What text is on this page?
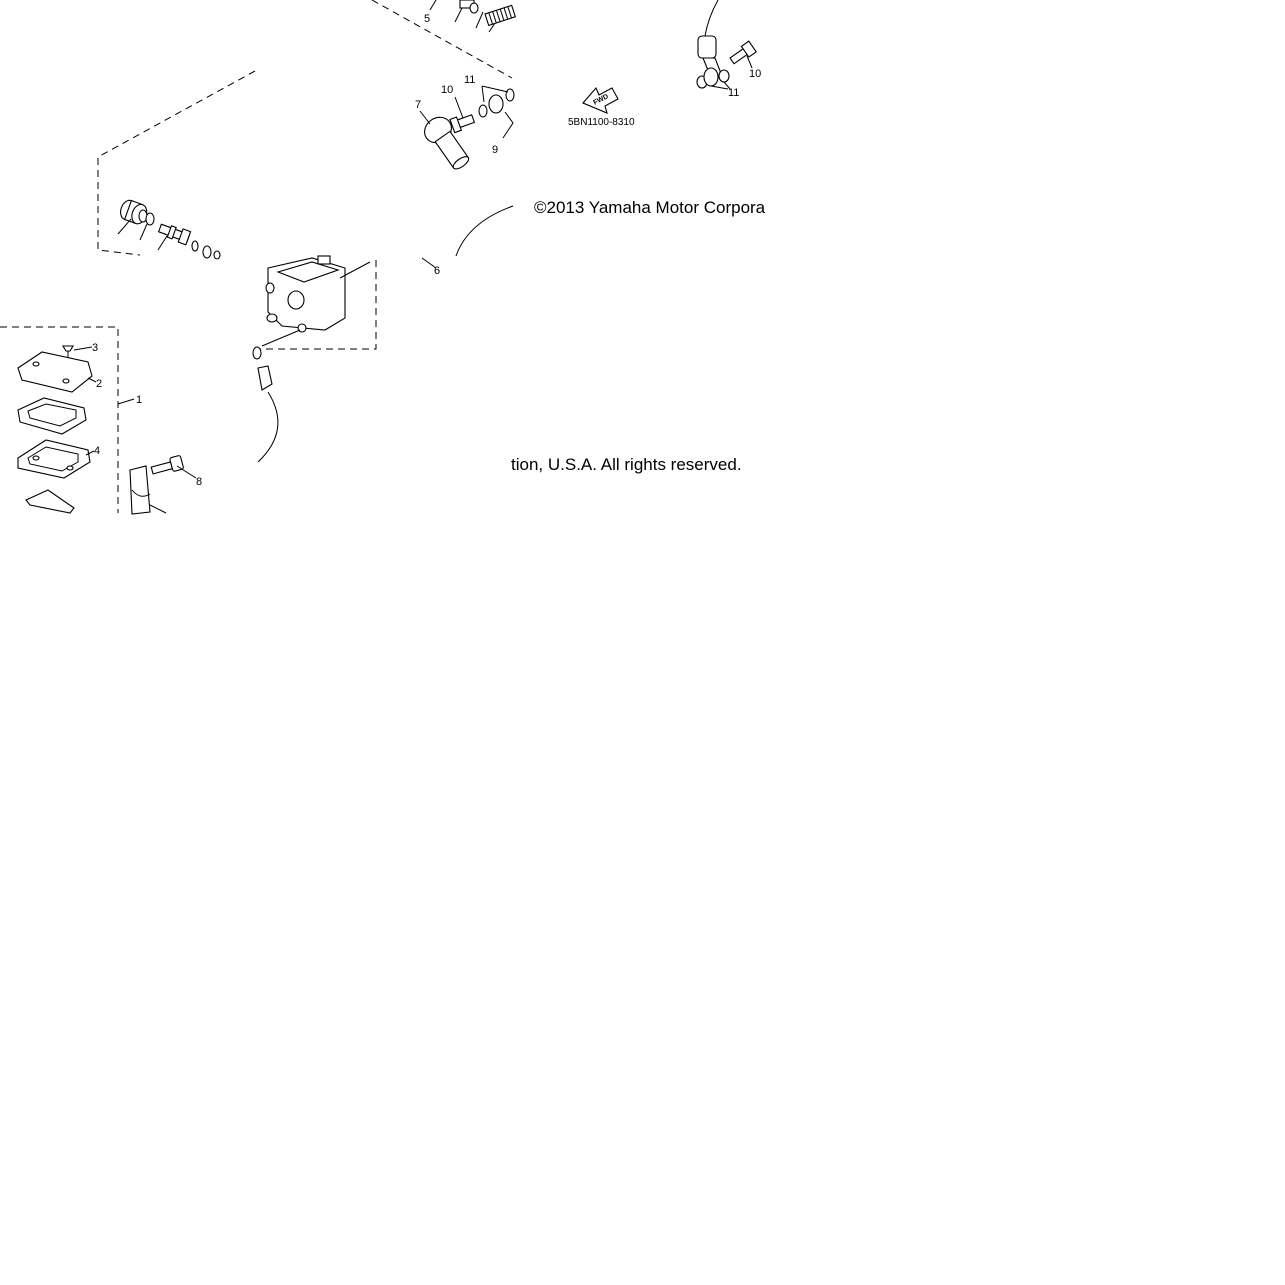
FWD
1
2
3
4
5
6
7
8
9
10
10
11
11
5BN1100-8310
©2013 Yamaha Motor Corpora
tion, U.S.A. All rights reserved.
